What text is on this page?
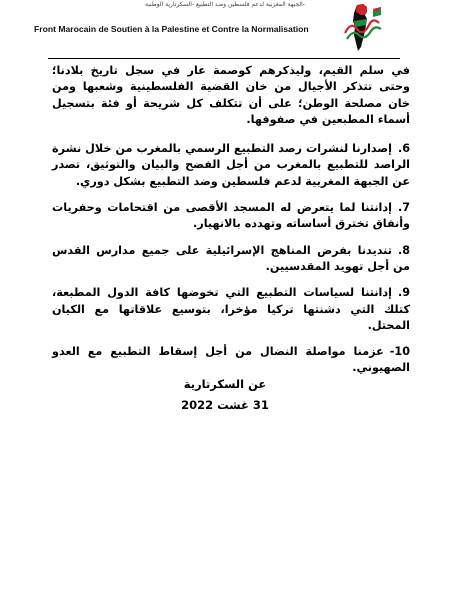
الجبهة المغربية لدعم فلسطين وضد التطبيع -السكرتارية الوطنية-
Front Marocain de Soutien à la Palestine et Contre la Normalisation

في سلم القيم، وليذكرهم كوصمة عار في سجل تاريخ بلادنا؛ وحتى تتذكر الأجيال من خان القضية الفلسطينية وشعبها ومن خان مصلحة الوطن؛ على أن تتكلف كل شريحة أو فئة بتسجيل أسماء المطبعين في صفوفها.

6.إصدارنا لنشرات رصد التطبيع الرسمي بالمغرب من خلال نشرة الراصد للتطبيع بالمغرب من أجل الفضح والبيان والتوثيق، تصدر عن الجبهة المغربية لدعم فلسطين وضد التطبيع بشكل دوري.

7.إدانتنا لما يتعرض له المسجد الأقصى من اقتحامات وحفريات وأنفاق تخترق أساساته وتهدده بالانهيار.

8.تنديدنا بفرض المناهج الإسرائيلية على جميع مدارس القدس من أجل تهويد المقدسيين.

9.إدانتنا لسياسات التطبيع التي تخوضها كافة الدول المطبعة، كتلك التي دشنتها تركيا مؤخرا، بتوسيع علاقاتها مع الكيان المحتل.

10-عزمنا مواصلة النضال من أجل إسقاط التطبيع مع العدو الصهيوني.

عن السكرتارية
31 غشت 2022
